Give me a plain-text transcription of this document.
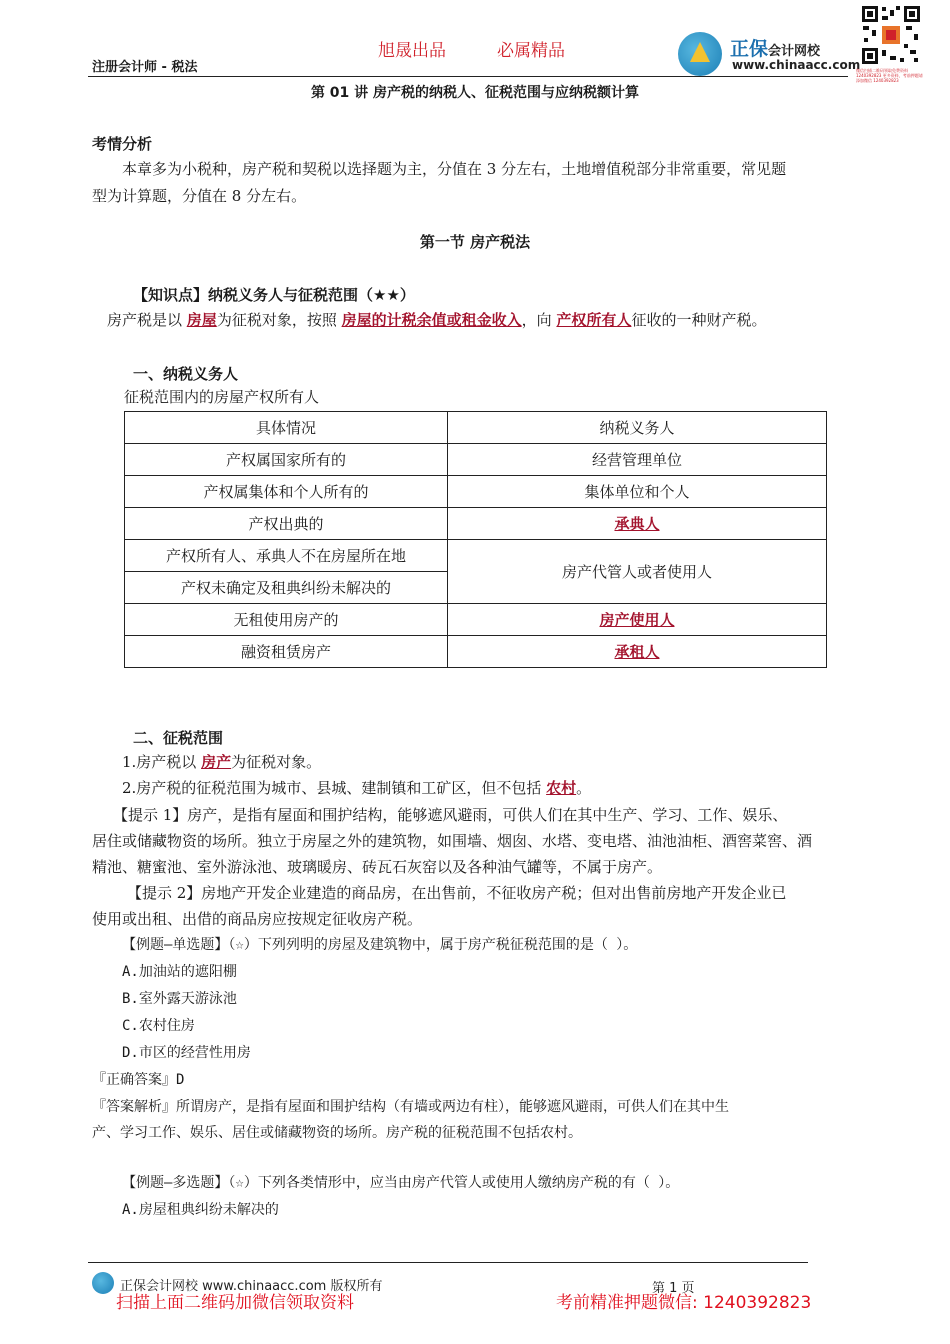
旭晟出品	必属精品
注册会计师 - 税法
正保会计网校
www.chinaacc.com
微信扫描二维码领取免费资料 1240392823 更多资料，考前押题请添加微信 1240392823
第 01 讲 房产税的纳税人、征税范围与应纳税额计算
考情分析
本章多为小税种，房产税和契税以选择题为主，分值在 3 分左右，土地增值税部分非常重要，常见题
型为计算题，分值在 8 分左右。
第一节 房产税法
【知识点】纳税义务人与征税范围（★★）
房产税是以 房屋为征税对象，按照 房屋的计税余值或租金收入，向 产权所有人征收的一种财产税。
一、纳税义务人
征税范围内的房屋产权所有人
具体情况	纳税义务人
产权属国家所有的	经营管理单位
产权属集体和个人所有的	集体单位和个人
产权出典的	承典人
产权所有人、承典人不在房屋所在地	房产代管人或者使用人
产权未确定及租典纠纷未解决的	
无租使用房产的	房产使用人
融资租赁房产	承租人
二、征税范围
1.房产税以 房产为征税对象。
2.房产税的征税范围为城市、县城、建制镇和工矿区，但不包括 农村。
【提示 1】房产，是指有屋面和围护结构，能够遮风避雨，可供人们在其中生产、学习、工作、娱乐、
居住或储藏物资的场所。独立于房屋之外的建筑物，如围墙、烟囱、水塔、变电塔、油池油柜、酒窖菜窖、酒
精池、糖蜜池、室外游泳池、玻璃暖房、砖瓦石灰窑以及各种油气罐等，不属于房产。
【提示 2】房地产开发企业建造的商品房，在出售前，不征收房产税；但对出售前房地产开发企业已
使用或出租、出借的商品房应按规定征收房产税。
【例题—单选题】（☆）下列列明的房屋及建筑物中，属于房产税征税范围的是（ ）。
A.加油站的遮阳棚
B.室外露天游泳池
C.农村住房
D.市区的经营性用房
『正确答案』D
『答案解析』所谓房产，是指有屋面和围护结构（有墙或两边有柱），能够遮风避雨，可供人们在其中生
产、学习工作、娱乐、居住或储藏物资的场所。房产税的征税范围不包括农村。
【例题—多选题】（☆）下列各类情形中，应当由房产代管人或使用人缴纳房产税的有（ ）。
A.房屋租典纠纷未解决的
正保会计网校 www.chinaacc.com 版权所有	第 1 页
扫描上面二维码加微信领取资料	考前精准押题微信: 1240392823
